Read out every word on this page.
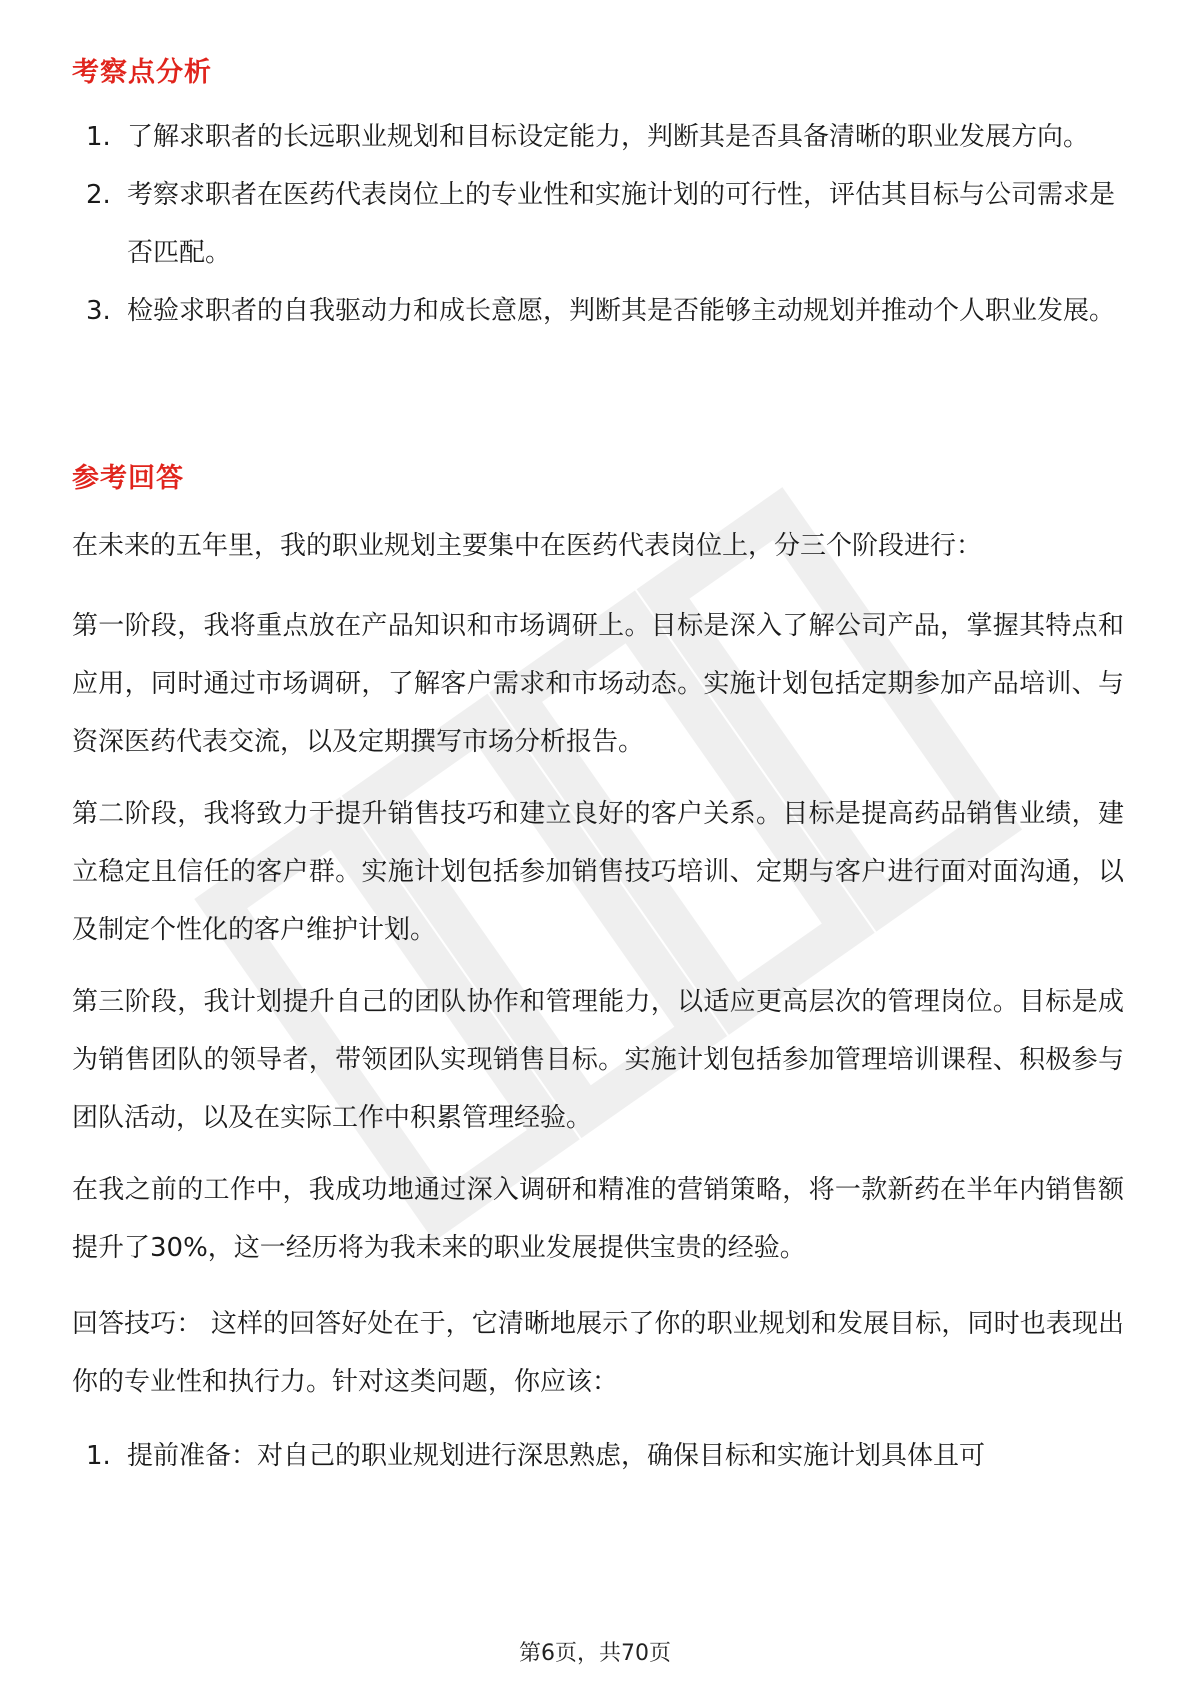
考察点分析
1. 了解求职者的长远职业规划和目标设定能力，判断其是否具备清晰的职业发展方向。
2. 考察求职者在医药代表岗位上的专业性和实施计划的可行性，评估其目标与公司需求是否匹配。
3. 检验求职者的自我驱动力和成长意愿，判断其是否能够主动规划并推动个人职业发展。
参考回答

在未来的五年里，我的职业规划主要集中在医药代表岗位上，分三个阶段进行：

第一阶段，我将重点放在产品知识和市场调研上。目标是深入了解公司产品，掌握其特点和应用，同时通过市场调研，了解客户需求和市场动态。实施计划包括定期参加产品培训、与资深医药代表交流，以及定期撰写市场分析报告。

第二阶段，我将致力于提升销售技巧和建立良好的客户关系。目标是提高药品销售业绩，建立稳定且信任的客户群。实施计划包括参加销售技巧培训、定期与客户进行面对面沟通，以及制定个性化的客户维护计划。

第三阶段，我计划提升自己的团队协作和管理能力，以适应更高层次的管理岗位。目标是成为销售团队的领导者，带领团队实现销售目标。实施计划包括参加管理培训课程、积极参与团队活动，以及在实际工作中积累管理经验。

在我之前的工作中，我成功地通过深入调研和精准的营销策略，将一款新药在半年内销售额提升了30%，这一经历将为我未来的职业发展提供宝贵的经验。

回答技巧： 这样的回答好处在于，它清晰地展示了你的职业规划和发展目标，同时也表现出你的专业性和执行力。针对这类问题，你应该：

1. 提前准备：对自己的职业规划进行深思熟虑，确保目标和实施计划具体且可
第6页，共70页
